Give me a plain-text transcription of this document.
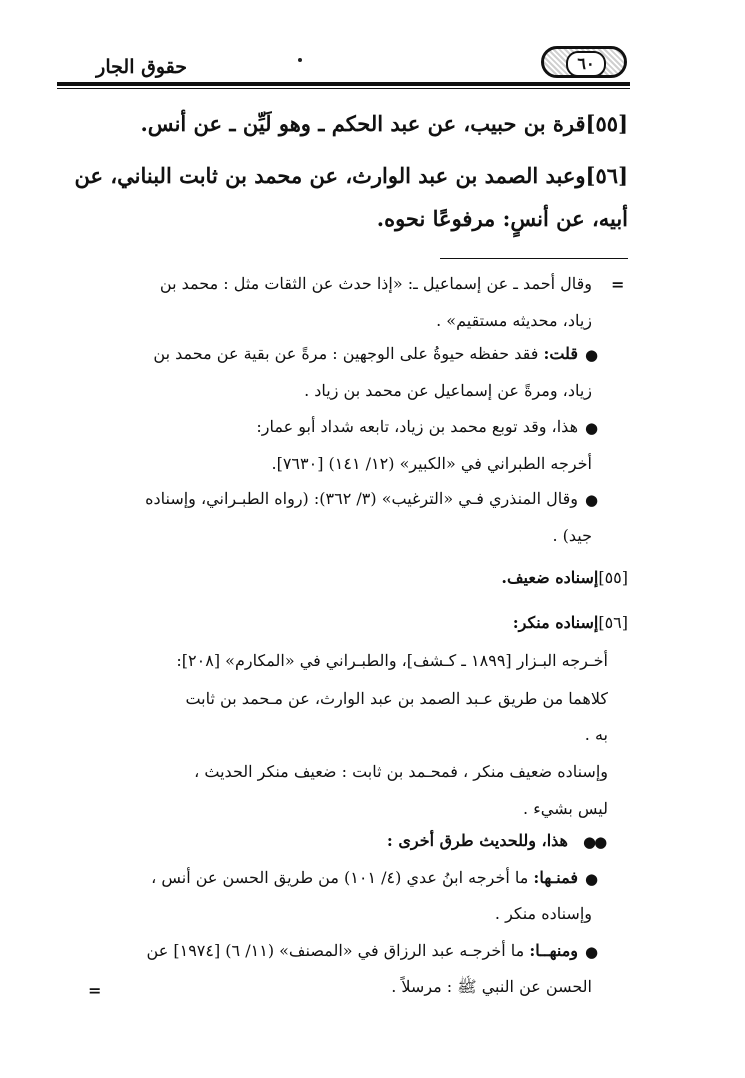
حقوق الجار	٦٠
[٥٥]قرة بن حبيب، عن عبد الحكم ـ وهو لَيِّن ـ عن أنس.
[٥٦]وعبد الصمد بن عبد الوارث، عن محمد بن ثابت البناني، عن
أبيه، عن أنسٍ: مرفوعًا نحوه.
=
وقال أحمد ـ عن إسماعيل ـ: «إذا حدث عن الثقات مثل : محمد بن
زياد، محديثه مستقيم» .
●
قلت: فقد حفظه حيوةُ على الوجهين : مرةً عن بقية عن محمد بن
زياد، ومرةً عن إسماعيل عن محمد بن زياد .
●
هذا، وقد توبع محمد بن زياد، تابعه شداد أبو عمار:
أخرجه الطبراني في «الكبير» (١٢/ ١٤١) [٧٦٣٠].
●
وقال المنذري فـي «الترغيب» (٣/ ٣٦٢): (رواه الطبـراني، وإسناده
جيد) .
[٥٥]إسناده ضعيف.
[٥٦]إسناده منكر:
أخـرجه البـزار [١٨٩٩ ـ كـشف]، والطبـراني في «المكارم» [٢٠٨]:
كلاهما من طريق عـبد الصمد بن عبد الوارث، عن مـحمد بن ثابت
به .
وإسناده ضعيف منكر ، فمحـمد بن ثابت : ضعيف منكر الحديث ،
ليس بشيء .
●●
هذا، وللحديث طرق أخرى :
●
فمنـها: ما أخرجه ابنُ عدي (٤/ ١٠١) من طريق الحسن عن أنس ،
وإسناده منكر .
●
ومنهــا: ما أخرجـه عبد الرزاق في «المصنف» (١١/ ٦) [١٩٧٤] عن
الحسن عن النبي ﷺ : مرسلاً .
=
